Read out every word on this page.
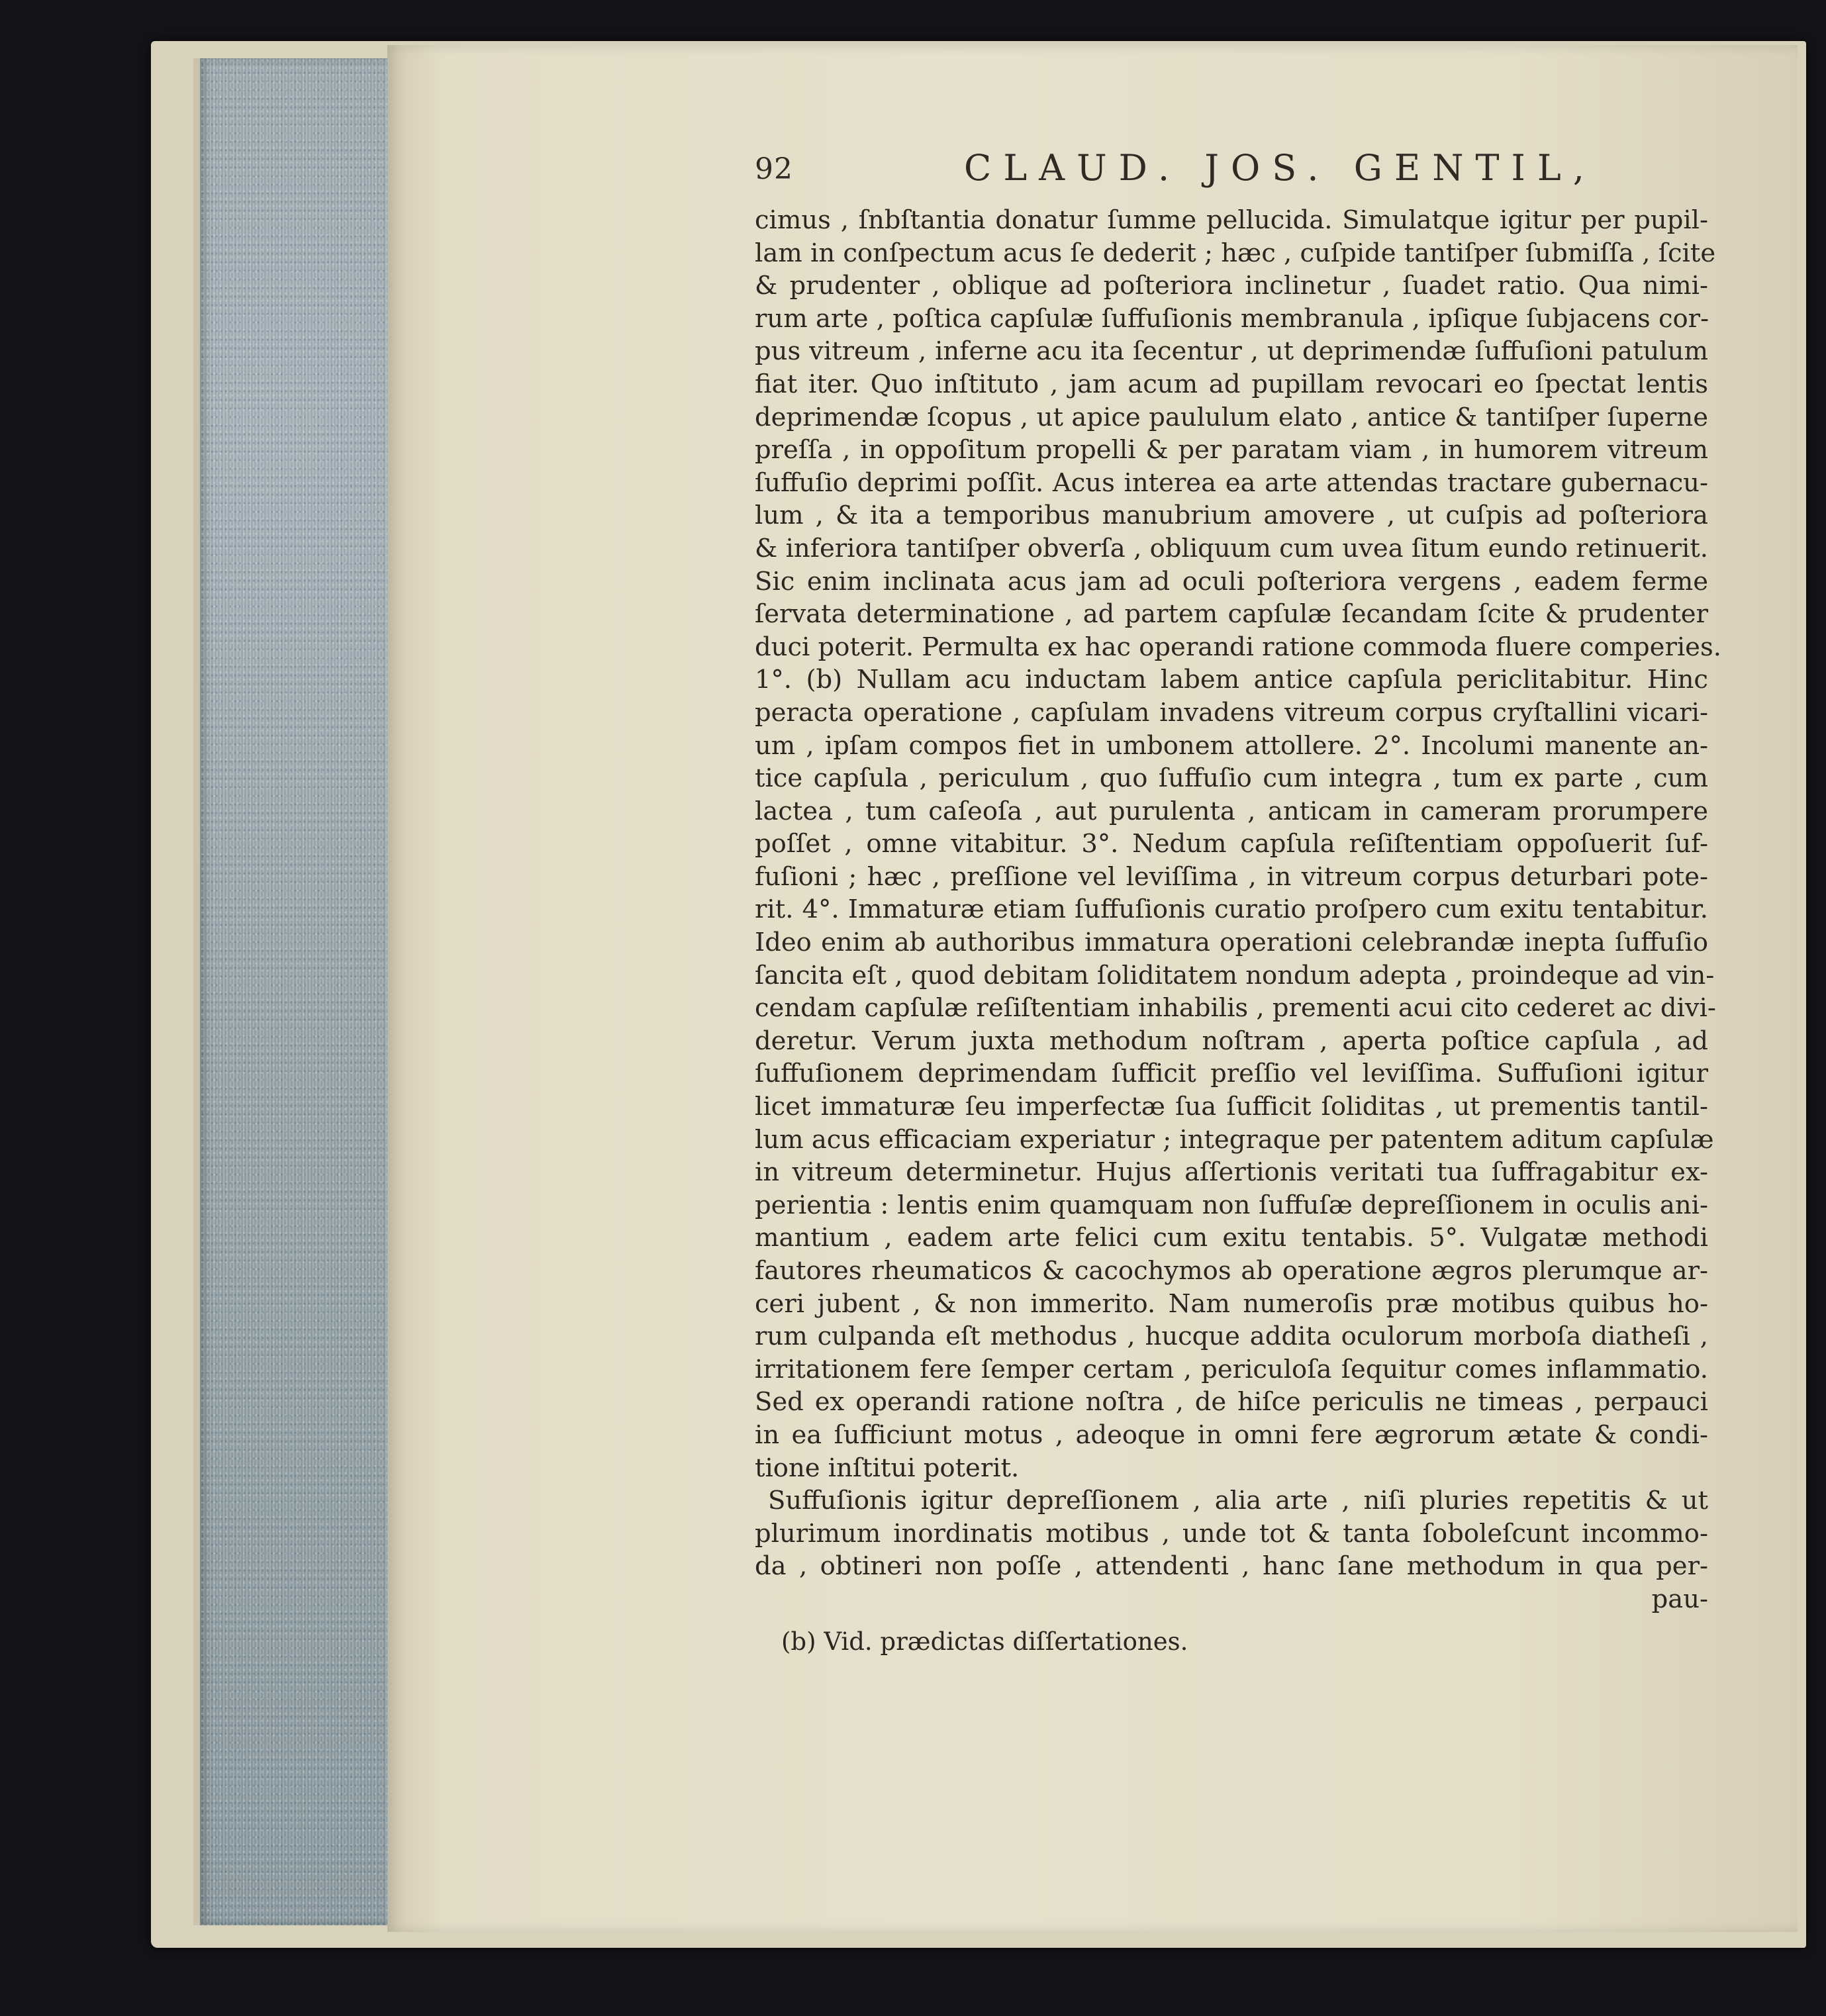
92	CLAUD. JOS. GENTIL,
cimus , ſnbſtantia donatur ſumme pellucida. Simulatque igitur per pupil-
lam in conſpectum acus ſe dederit ; hæc , cuſpide tantiſper ſubmiſſa , ſcite
& prudenter , oblique ad poſteriora inclinetur , ſuadet ratio. Qua nimi-
rum arte , poſtica capſulæ ſuffuſionis membranula , ipſique ſubjacens cor-
pus vitreum , inferne acu ita ſecentur , ut deprimendæ ſuffuſioni patulum
fiat iter. Quo inſtituto , jam acum ad pupillam revocari eo ſpectat lentis
deprimendæ ſcopus , ut apice paululum elato , antice & tantiſper ſuperne
preſſa , in oppoſitum propelli & per paratam viam , in humorem vitreum
ſuffuſio deprimi poſſit. Acus interea ea arte attendas tractare gubernacu-
lum , & ita a temporibus manubrium amovere , ut cuſpis ad poſteriora
& inferiora tantiſper obverſa , obliquum cum uvea ſitum eundo retinuerit.
Sic enim inclinata acus jam ad oculi poſteriora vergens , eadem ferme
ſervata determinatione , ad partem capſulæ ſecandam ſcite & prudenter
duci poterit. Permulta ex hac operandi ratione commoda fluere comperies.
1°. (b) Nullam acu inductam labem antice capſula periclitabitur. Hinc
peracta operatione , capſulam invadens vitreum corpus cryſtallini vicari-
um , ipſam compos fiet in umbonem attollere. 2°. Incolumi manente an-
tice capſula , periculum , quo ſuffuſio cum integra , tum ex parte , cum
lactea , tum caſeoſa , aut purulenta , anticam in cameram prorumpere
poſſet , omne vitabitur. 3°. Nedum capſula reſiſtentiam oppoſuerit ſuf-
fuſioni ; hæc , preſſione vel leviſſima , in vitreum corpus deturbari pote-
rit. 4°. Immaturæ etiam ſuffuſionis curatio proſpero cum exitu tentabitur.
Ideo enim ab authoribus immatura operationi celebrandæ inepta ſuffuſio
ſancita eſt , quod debitam ſoliditatem nondum adepta , proindeque ad vin-
cendam capſulæ reſiſtentiam inhabilis , prementi acui cito cederet ac divi-
deretur. Verum juxta methodum noſtram , aperta poſtice capſula , ad
ſuffuſionem deprimendam ſufficit preſſio vel leviſſima. Suffuſioni igitur
licet immaturæ ſeu imperfectæ ſua ſufficit ſoliditas , ut prementis tantil-
lum acus efficaciam experiatur ; integraque per patentem aditum capſulæ
in vitreum determinetur. Hujus aſſertionis veritati tua ſuffragabitur ex-
perientia : lentis enim quamquam non ſuffuſæ depreſſionem in oculis ani-
mantium , eadem arte felici cum exitu tentabis. 5°. Vulgatæ methodi
fautores rheumaticos & cacochymos ab operatione ægros plerumque ar-
ceri jubent , & non immerito. Nam numeroſis præ motibus quibus ho-
rum culpanda eſt methodus , hucque addita oculorum morboſa diatheſi ,
irritationem fere ſemper certam , periculoſa ſequitur comes inflammatio.
Sed ex operandi ratione noſtra , de hiſce periculis ne timeas , perpauci
in ea ſufficiunt motus , adeoque in omni fere ægrorum ætate & condi-
tione inſtitui poterit.
Suffuſionis igitur depreſſionem , alia arte , niſi pluries repetitis & ut
plurimum inordinatis motibus , unde tot & tanta ſobоleſcunt incommo-
da , obtineri non poſſe , attendenti , hanc ſane methodum in qua per-
pau-
(b) Vid. prædictas diſſertationes.
